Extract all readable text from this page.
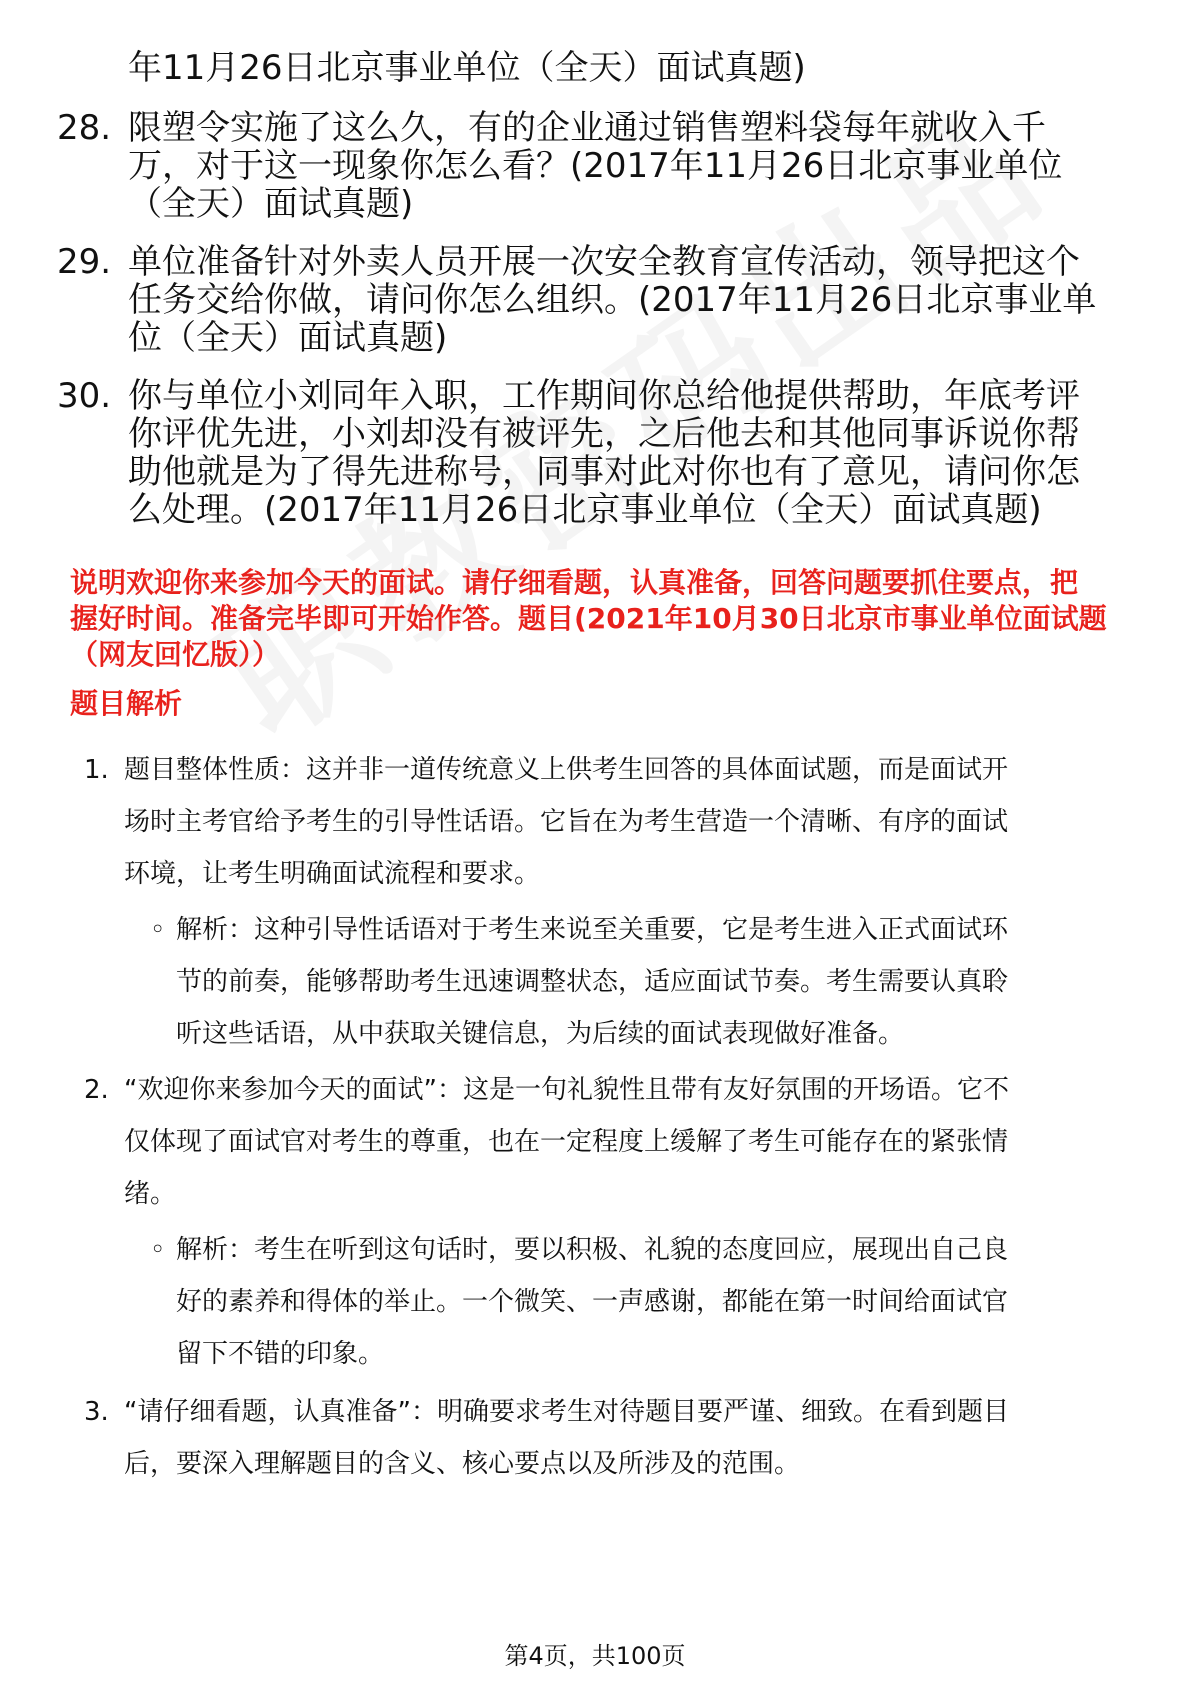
年11月26日北京事业单位（全天）面试真题)
28. 限塑令实施了这么久，有的企业通过销售塑料袋每年就收入千
万，对于这一现象你怎么看？(2017年11月26日北京事业单位
（全天）面试真题)
29. 单位准备针对外卖人员开展一次安全教育宣传活动，领导把这个
任务交给你做，请问你怎么组织。(2017年11月26日北京事业单
位（全天）面试真题)
30. 你与单位小刘同年入职，工作期间你总给他提供帮助，年底考评
你评优先进，小刘却没有被评先，之后他去和其他同事诉说你帮
助他就是为了得先进称号，同事对此对你也有了意见，请问你怎
么处理。(2017年11月26日北京事业单位（全天）面试真题)
说明欢迎你来参加今天的面试。请仔细看题，认真准备，回答问题要抓住要点，把
握好时间。准备完毕即可开始作答。题目(2021年10月30日北京市事业单位面试题
（网友回忆版））
题目解析
1. 题目整体性质：这并非一道传统意义上供考生回答的具体面试题，而是面试开
场时主考官给予考生的引导性话语。它旨在为考生营造一个清晰、有序的面试
环境，让考生明确面试流程和要求。
◦ 解析：这种引导性话语对于考生来说至关重要，它是考生进入正式面试环
节的前奏，能够帮助考生迅速调整状态，适应面试节奏。考生需要认真聆
听这些话语，从中获取关键信息，为后续的面试表现做好准备。
2. “欢迎你来参加今天的面试”：这是一句礼貌性且带有友好氛围的开场语。它不
仅体现了面试官对考生的尊重，也在一定程度上缓解了考生可能存在的紧张情
绪。
◦ 解析：考生在听到这句话时，要以积极、礼貌的态度回应，展现出自己良
好的素养和得体的举止。一个微笑、一声感谢，都能在第一时间给面试官
留下不错的印象。
3. “请仔细看题，认真准备”：明确要求考生对待题目要严谨、细致。在看到题目
后，要深入理解题目的含义、核心要点以及所涉及的范围。
第4页，共100页
